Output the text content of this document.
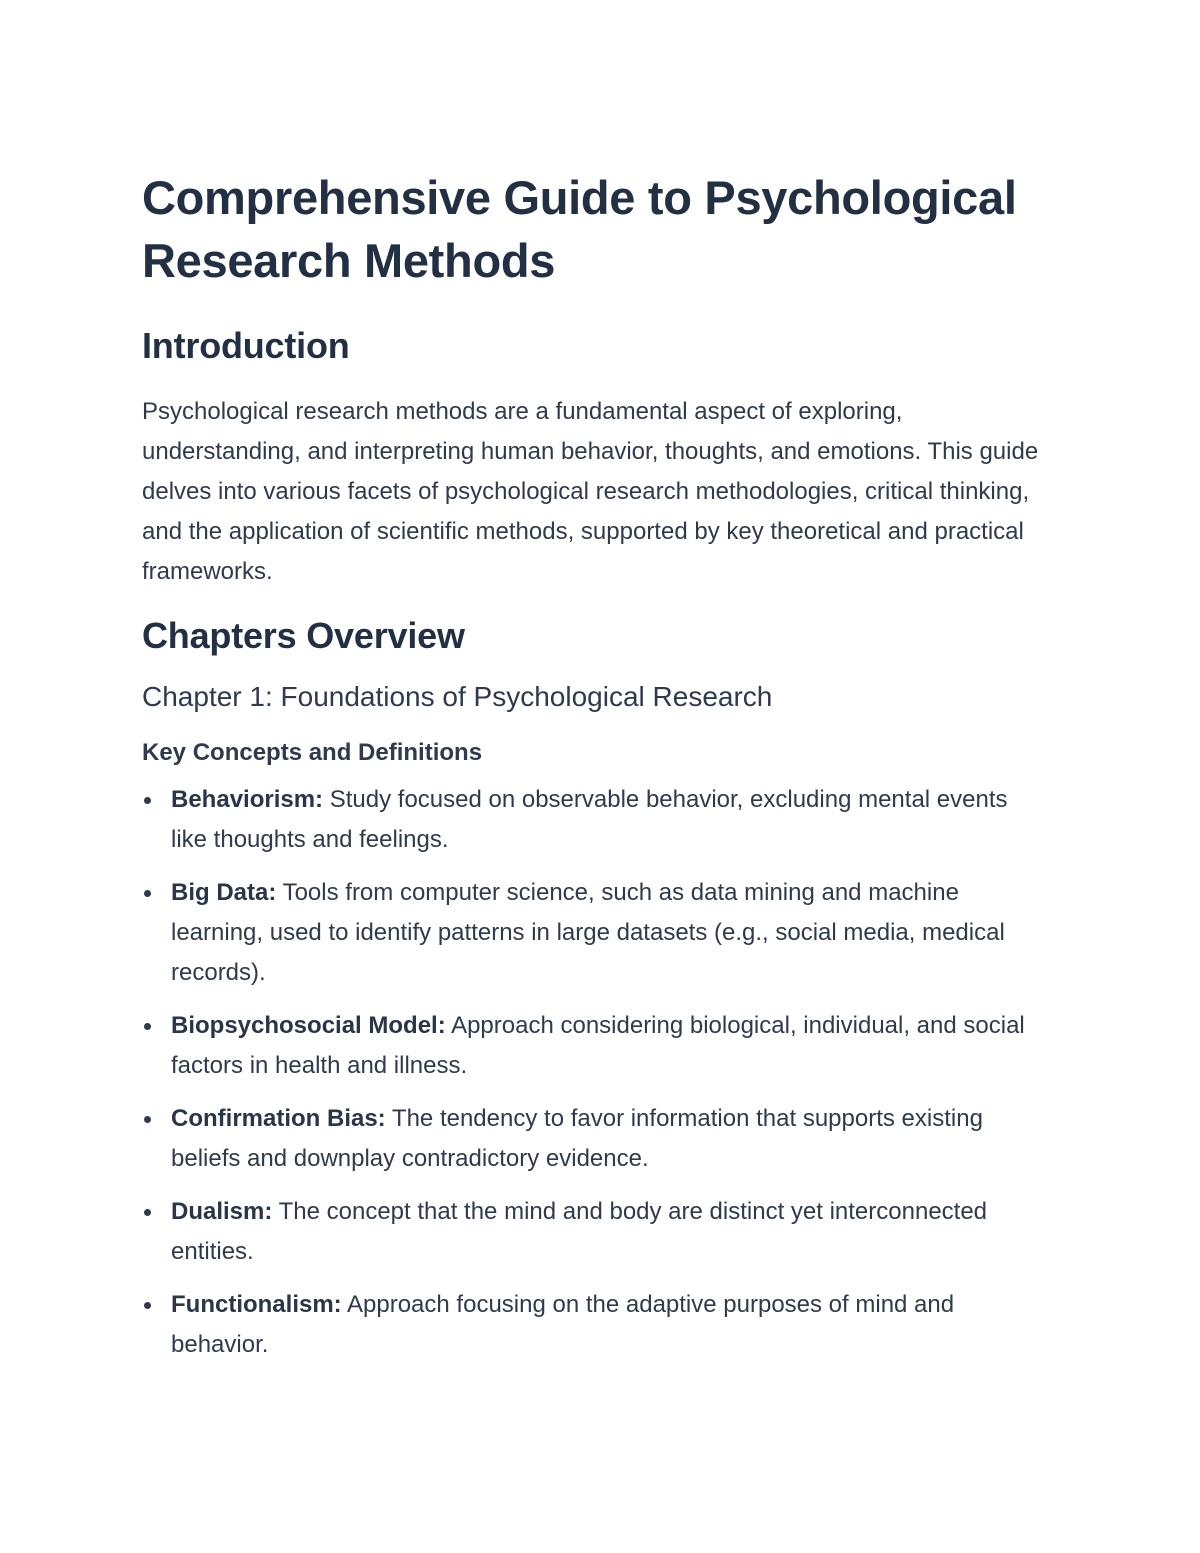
Comprehensive Guide to Psychological Research Methods
Introduction

Psychological research methods are a fundamental aspect of exploring, understanding, and interpreting human behavior, thoughts, and emotions. This guide delves into various facets of psychological research methodologies, critical thinking, and the application of scientific methods, supported by key theoretical and practical frameworks.

Chapters Overview
Chapter 1: Foundations of Psychological Research
Key Concepts and Definitions
Behaviorism: Study focused on observable behavior, excluding mental events like thoughts and feelings.
Big Data: Tools from computer science, such as data mining and machine learning, used to identify patterns in large datasets (e.g., social media, medical records).
Biopsychosocial Model: Approach considering biological, individual, and social factors in health and illness.
Confirmation Bias: The tendency to favor information that supports existing beliefs and downplay contradictory evidence.
Dualism: The concept that the mind and body are distinct yet interconnected entities.
Functionalism: Approach focusing on the adaptive purposes of mind and behavior.
